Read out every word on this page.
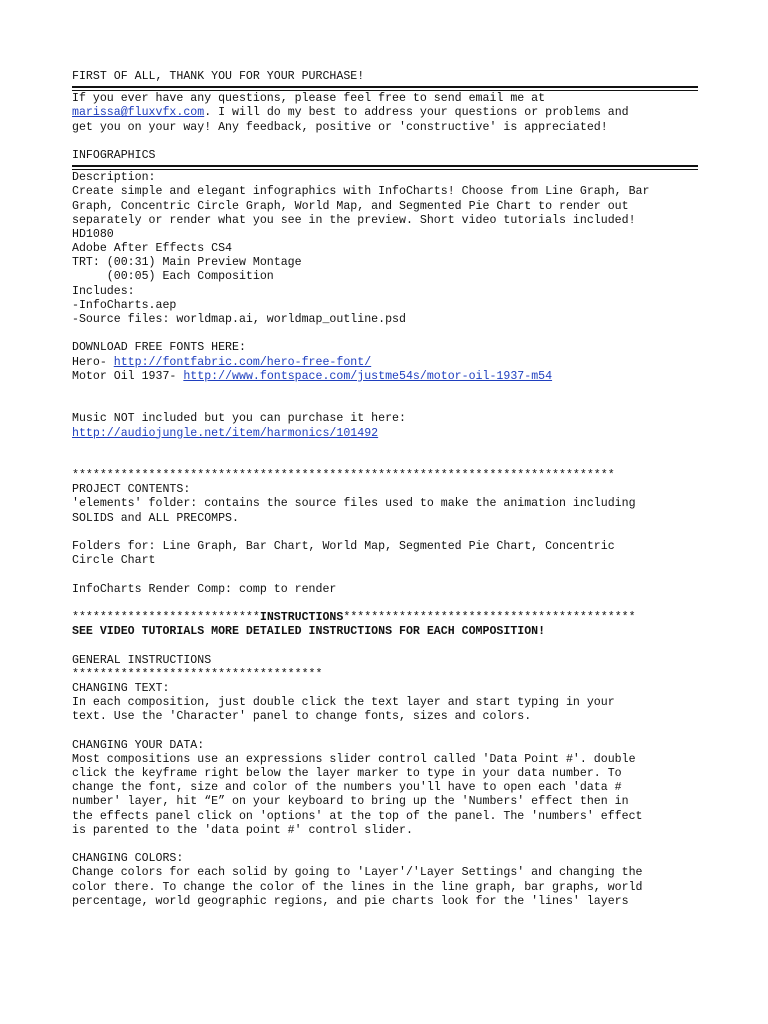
FIRST OF ALL, THANK YOU FOR YOUR PURCHASE!
If you ever have any questions, please feel free to send email me at
marissa@fluxvfx.com. I will do my best to address your questions or problems and
get you on your way! Any feedback, positive or 'constructive' is appreciated!
INFOGRAPHICS
Description:
Create simple and elegant infographics with InfoCharts! Choose from Line Graph, Bar
Graph, Concentric Circle Graph, World Map, and Segmented Pie Chart to render out
separately or render what you see in the preview. Short video tutorials included!
HD1080
Adobe After Effects CS4
TRT: (00:31) Main Preview Montage
(00:05) Each Composition
Includes:
-InfoCharts.aep
-Source files: worldmap.ai, worldmap_outline.psd
DOWNLOAD FREE FONTS HERE:
Hero- http://fontfabric.com/hero-free-font/
Motor Oil 1937- http://www.fontspace.com/justme54s/motor-oil-1937-m54
Music NOT included but you can purchase it here:
http://audiojungle.net/item/harmonics/101492
******************************************************************************
PROJECT CONTENTS:
'elements' folder: contains the source files used to make the animation including
SOLIDS and ALL PRECOMPS.
Folders for: Line Graph, Bar Chart, World Map, Segmented Pie Chart, Concentric
Circle Chart
InfoCharts Render Comp: comp to render
***************************INSTRUCTIONS******************************************
SEE VIDEO TUTORIALS MORE DETAILED INSTRUCTIONS FOR EACH COMPOSITION!
GENERAL INSTRUCTIONS
************************************
CHANGING TEXT:
In each composition, just double click the text layer and start typing in your
text. Use the 'Character' panel to change fonts, sizes and colors.
CHANGING YOUR DATA:
Most compositions use an expressions slider control called 'Data Point #'. double
click the keyframe right below the layer marker to type in your data number. To
change the font, size and color of the numbers you'll have to open each 'data #
number' layer, hit “E” on your keyboard to bring up the 'Numbers' effect then in
the effects panel click on 'options' at the top of the panel. The 'numbers' effect
is parented to the 'data point #' control slider.
CHANGING COLORS:
Change colors for each solid by going to 'Layer'/'Layer Settings' and changing the
color there. To change the color of the lines in the line graph, bar graphs, world
percentage, world geographic regions, and pie charts look for the 'lines' layers
